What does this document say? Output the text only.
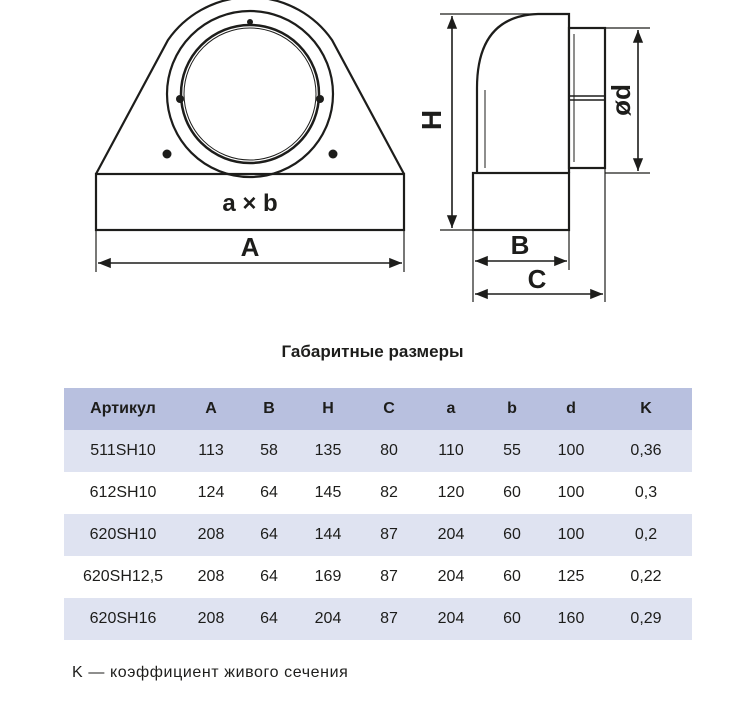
a × b
A
H
ød
B
C
Габаритные размеры
Артикул	A	B	H	C	a	b	d	K
511SH10	113	58	135	80	110	55	100	0,36
612SH10	124	64	145	82	120	60	100	0,3
620SH10	208	64	144	87	204	60	100	0,2
620SH12,5	208	64	169	87	204	60	125	0,22
620SH16	208	64	204	87	204	60	160	0,29
K — коэффициент живого сечения
